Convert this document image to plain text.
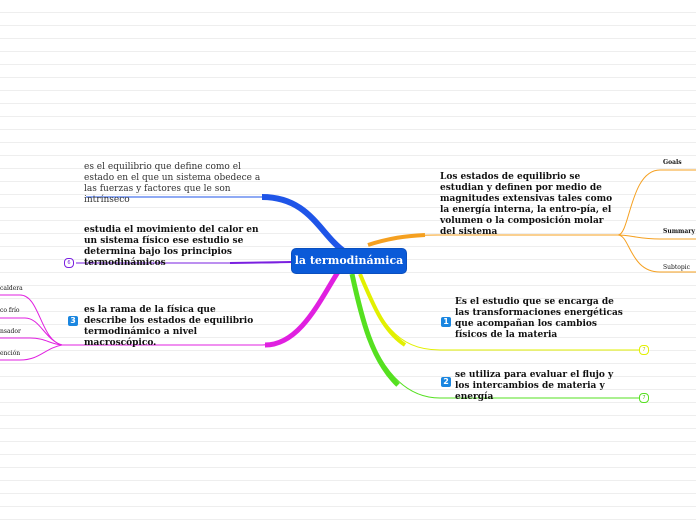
la termodinámica
es el equilibrio que define como el estado en el que un sistema obedece a las fuerzas y factores que le son intrínseco
estudia el movimiento del calor en un sistema físico ese estudio se determina bajo los principios termodinámicos
6
es la rama de la física que describe los estados de equilibrio termodinámico a nivel macroscópico.
3
caldera
co frío
nsador
ención
Los estados de equilibrio se estudian y definen por medio de magnitudes extensivas tales como la energía interna, la entro-pía, el volumen o la composición molar del sistema
Goals
Summary
Subtopic
Es el estudio que se encarga de las transformaciones energéticas que acompañan los cambios físicos de la materia
1
7
se utiliza para evaluar el flujo y los intercambios de materia y energía
2
7
